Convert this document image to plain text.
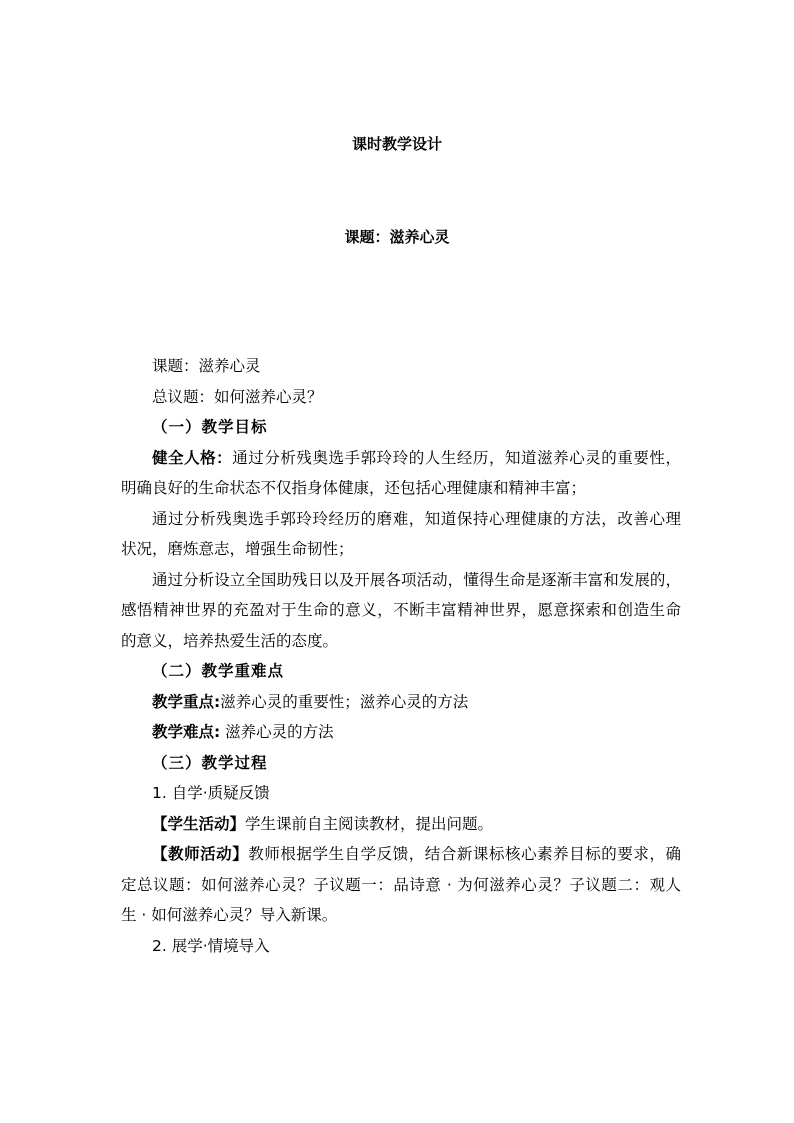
课时教学设计
课题：滋养心灵
课题：滋养心灵
总议题：如何滋养心灵？
（一）教学目标
健全人格：通过分析残奥选手郭玲玲的人生经历，知道滋养心灵的重要性，
明确良好的生命状态不仅指身体健康，还包括心理健康和精神丰富；
通过分析残奥选手郭玲玲经历的磨难，知道保持心理健康的方法，改善心理
状况，磨炼意志，增强生命韧性；
通过分析设立全国助残日以及开展各项活动，懂得生命是逐渐丰富和发展的，
感悟精神世界的充盈对于生命的意义，不断丰富精神世界，愿意探索和创造生命
的意义，培养热爱生活的态度。
（二）教学重难点
教学重点:滋养心灵的重要性；滋养心灵的方法
教学难点: 滋养心灵的方法
（三）教学过程
1. 自学·质疑反馈
【学生活动】学生课前自主阅读教材，提出问题。
【教师活动】教师根据学生自学反馈，结合新课标核心素养目标的要求，确
定总议题：如何滋养心灵？子议题一：品诗意 · 为何滋养心灵？子议题二：观人
生 · 如何滋养心灵？导入新课。
2. 展学·情境导入
